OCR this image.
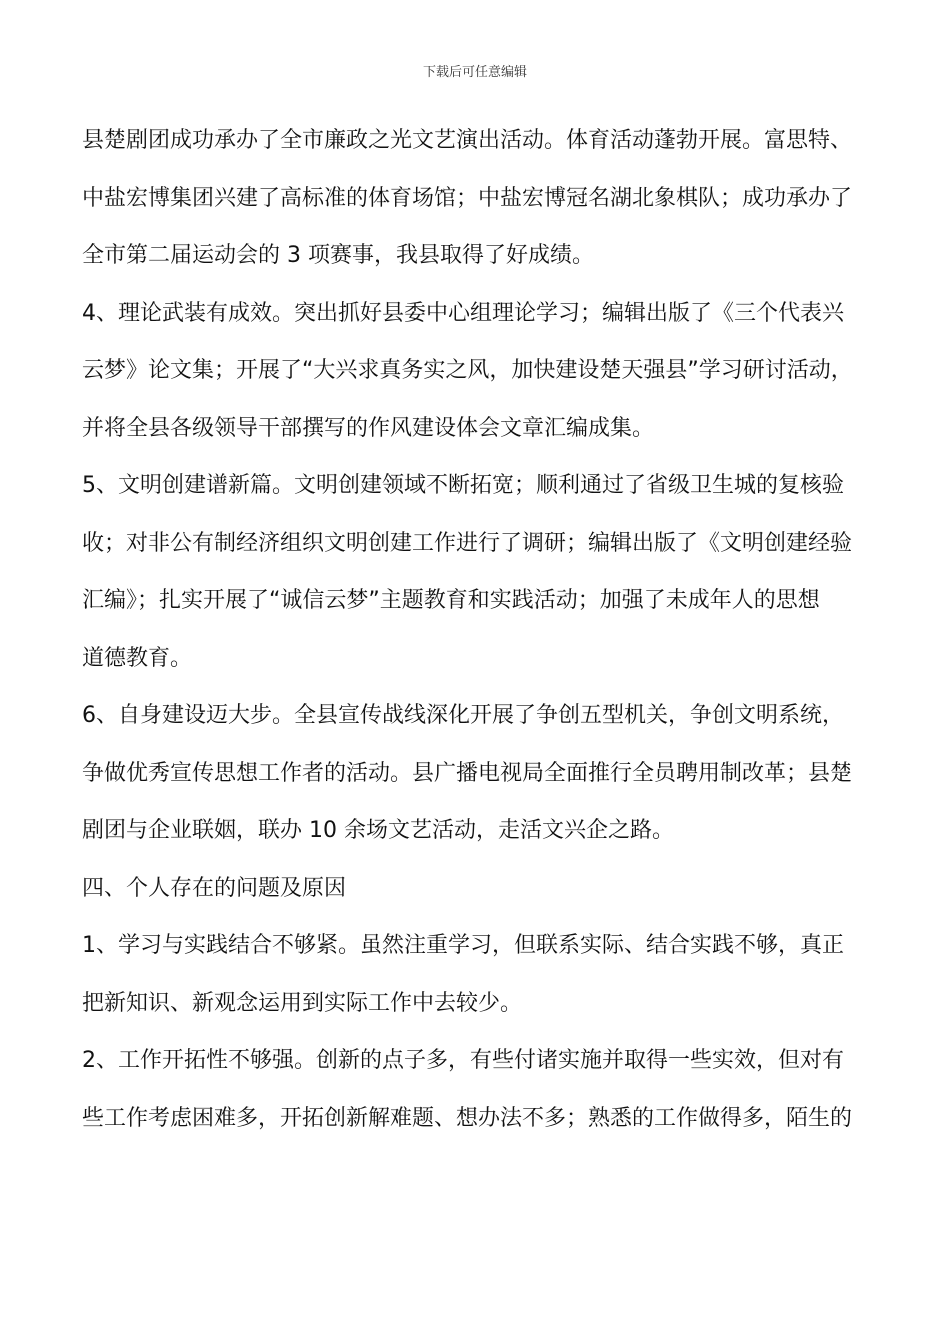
下载后可任意编辑
县楚剧团成功承办了全市廉政之光文艺演出活动。体育活动蓬勃开展。富思特、
中盐宏博集团兴建了高标准的体育场馆；中盐宏博冠名湖北象棋队；成功承办了
全市第二届运动会的 3 项赛事，我县取得了好成绩。
4、理论武装有成效。突出抓好县委中心组理论学习；编辑出版了《三个代表兴
云梦》论文集；开展了“大兴求真务实之风，加快建设楚天强县”学习研讨活动，
并将全县各级领导干部撰写的作风建设体会文章汇编成集。
5、文明创建谱新篇。文明创建领域不断拓宽；顺利通过了省级卫生城的复核验
收；对非公有制经济组织文明创建工作进行了调研；编辑出版了《文明创建经验
汇编》；扎实开展了“诚信云梦”主题教育和实践活动；加强了未成年人的思想
道德教育。
6、自身建设迈大步。全县宣传战线深化开展了争创五型机关，争创文明系统，
争做优秀宣传思想工作者的活动。县广播电视局全面推行全员聘用制改革；县楚
剧团与企业联姻，联办 10 余场文艺活动，走活文兴企之路。
四、个人存在的问题及原因
1、学习与实践结合不够紧。虽然注重学习，但联系实际、结合实践不够，真正
把新知识、新观念运用到实际工作中去较少。
2、工作开拓性不够强。创新的点子多，有些付诸实施并取得一些实效，但对有
些工作考虑困难多，开拓创新解难题、想办法不多；熟悉的工作做得多，陌生的
